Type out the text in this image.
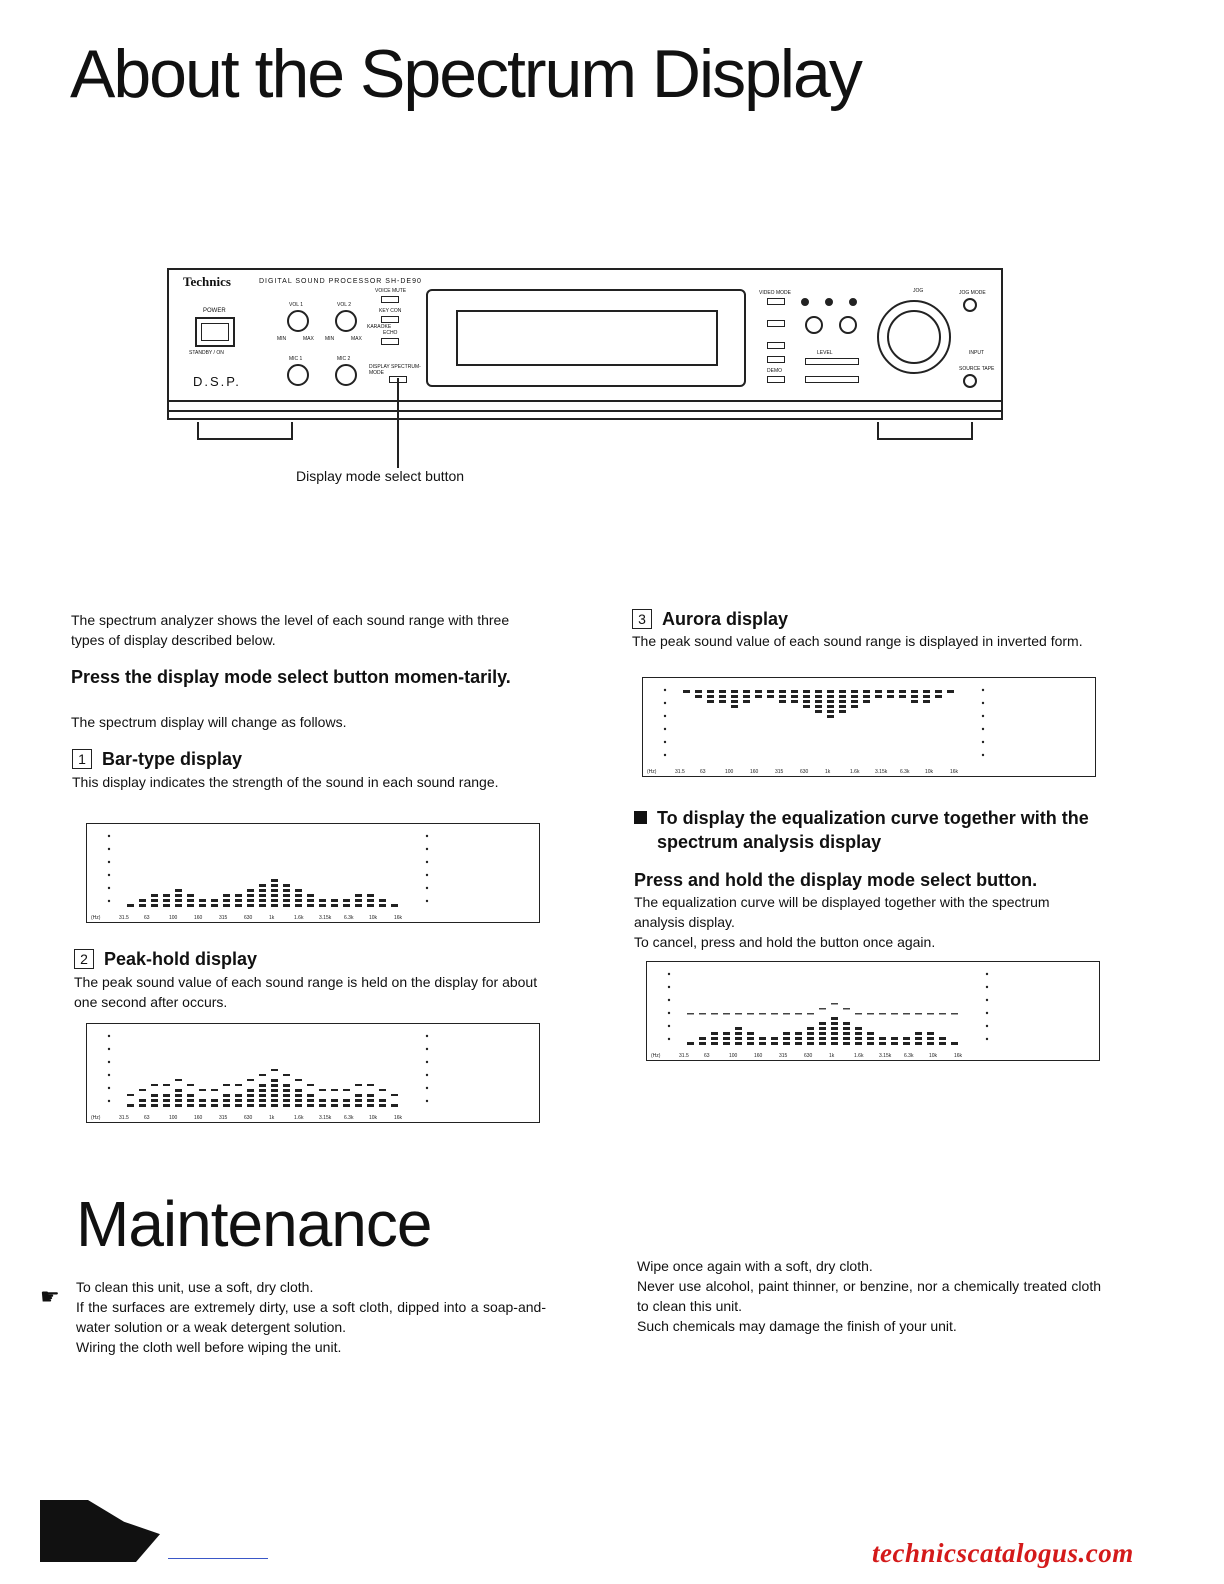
About the Spectrum Display
Technics	DIGITAL SOUND PROCESSOR SH-DE90
POWER
STANDBY / ON
D.S.P.
VOL 1	VOL 2
MIN	MAX MIN	MAX
MIC 1	MIC 2
VOICE MUTE
KARAOKE
KEY CON
ECHO
DISPLAY SPECTRUM-MODE
VIDEO MODE
DEMO
LEVEL
JOG	JOG MODE
INPUT
SOURCE TAPE
Display mode select button

The spectrum analyzer shows the level of each sound range with three types of display described below.

Press the display mode select button momen-tarily.

The spectrum display will change as follows.

1 Bar-type display

This display indicates the strength of the sound in each sound range.

(Hz)	31.5	63	100	160	315	630	1k	1.6k	3.15k	6.3k	10k	16k
2 Peak-hold display

The peak sound value of each sound range is held on the display for about one second after occurs.

(Hz)	31.5	63	100	160	315	630	1k	1.6k	3.15k	6.3k	10k	16k
3 Aurora display

The peak sound value of each sound range is displayed in inverted form.

(Hz)	31.5	63	100	160	315	630	1k	1.6k	3.15k	6.3k	10k	16k
To display the equalization curve together with the spectrum analysis display

Press and hold the display mode select button.

The equalization curve will be displayed together with the spectrum analysis display.

To cancel, press and hold the button once again.

(Hz)	31.5	63	100	160	315	630	1k	1.6k	3.15k	6.3k	10k	16k
Maintenance
☛ To clean this unit, use a soft, dry cloth.

If the surfaces are extremely dirty, use a soft cloth, dipped into a soap-and-water solution or a weak detergent solution.

Wiring the cloth well before wiping the unit.

Wipe once again with a soft, dry cloth.

Never use alcohol, paint thinner, or benzine, nor a chemically treated cloth to clean this unit.

Such chemicals may damage the finish of your unit.

technicscatalogus.com
